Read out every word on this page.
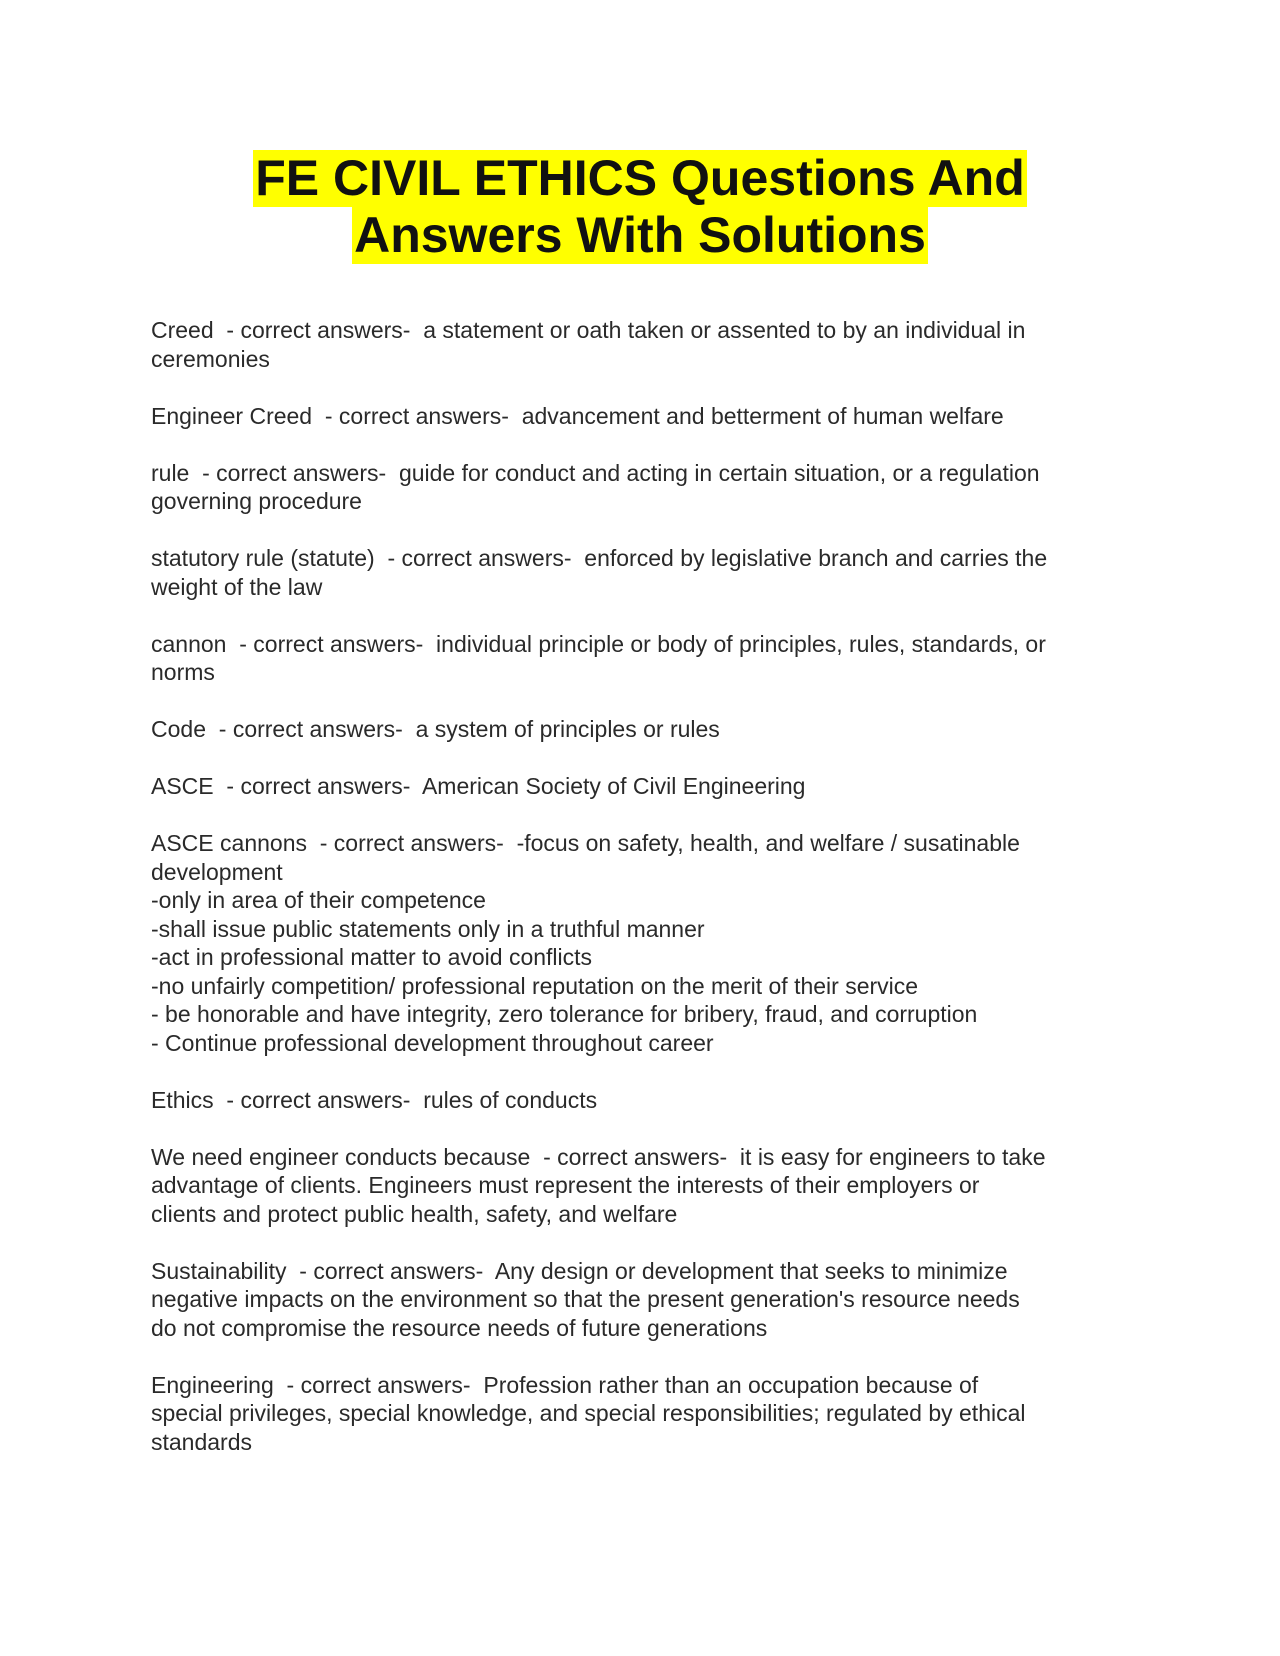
FE CIVIL ETHICS Questions And
Answers With Solutions
Creed  - correct answers-  a statement or oath taken or assented to by an individual in
ceremonies
Engineer Creed  - correct answers-  advancement and betterment of human welfare
rule  - correct answers-  guide for conduct and acting in certain situation, or a regulation
governing procedure
statutory rule (statute)  - correct answers-  enforced by legislative branch and carries the
weight of the law
cannon  - correct answers-  individual principle or body of principles, rules, standards, or
norms
Code  - correct answers-  a system of principles or rules
ASCE  - correct answers-  American Society of Civil Engineering
ASCE cannons  - correct answers-  -focus on safety, health, and welfare / susatinable
development
-only in area of their competence
-shall issue public statements only in a truthful manner
-act in professional matter to avoid conflicts
-no unfairly competition/ professional reputation on the merit of their service
- be honorable and have integrity, zero tolerance for bribery, fraud, and corruption
- Continue professional development throughout career
Ethics  - correct answers-  rules of conducts
We need engineer conducts because  - correct answers-  it is easy for engineers to take
advantage of clients. Engineers must represent the interests of their employers or
clients and protect public health, safety, and welfare
Sustainability  - correct answers-  Any design or development that seeks to minimize
negative impacts on the environment so that the present generation's resource needs
do not compromise the resource needs of future generations
Engineering  - correct answers-  Profession rather than an occupation because of
special privileges, special knowledge, and special responsibilities; regulated by ethical
standards
